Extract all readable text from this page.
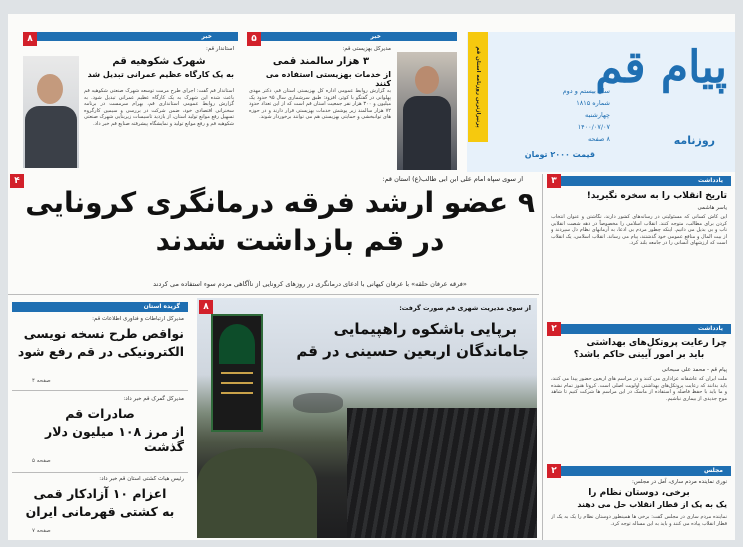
پیام قم
روزنامه
سال بیستم و دوم
شماره ۱۸۱۵
چهارشنبه
۱۴۰۰/۰۷/۰۷
۸ صفحه
قیمت ۲۰۰۰ تومان
پرتیراژترین روزنامه استان قم
خبر
۵
مدیرکل بهزیستی قم:
۳ هزار سالمند قمی
از خدمات بهزیستی استفاده می کنند
به گزارش روابط عمومی اداره کل بهزیستی استان قم، دکتر مهدی پهلوانی در گفتگو با کوثر، افزود: طبق سرشماری سال ۹۵ حدود یک میلیون و ۳۰۰ هزار نفر جمعیت استان قم است که از این تعداد حدود ۷۲ هزار سالمند زیر پوشش خدمات بهزیستی قرار دارند و در حوزه های توانبخشی و حمایتی بهزیستی هم می توانند برخوردار شوند.
خبر
۸
استاندار قم:
شهرک شکوهیه قم
به یک کارگاه عظیم عمرانی تبدیل شد
استاندار قم گفت: اجرای طرح مرمت توسعه شهرک صنعتی شکوهیه قم باعث شده این شهرک به یک کارگاه عظیم عمرانی تبدیل شود. به گزارش روابط عمومی استانداری قم، بهرام سرمست در برنامه سخنرانی اقتصادی خود، ضمن شرکت در بررسی و سیمین کارگروه تسهیل رفع موانع تولید استان، از بازدید تاسیسات زیربنایی شهرک صنعتی شکوهیه قم و رفع موانع تولید و نمایشگاه پیشرفته صنایع قم خبر داد.
۴	از سوی سپاه امام علی ابن ابی طالب(ع) استان قم:
۹ عضو ارشد فرقه درمانگری کرونایی
در قم بازداشت شدند
«فرقه عرفان حلقه» با عرفان کیهانی با ادعای درمانگری در روزهای کرونایی از ناآگاهی مردم سوء استفاده می کردند
۸	از سوی مدیریت شهری قم صورت گرفت:
برپایی باشکوه راهپیمایی
جاماندگان اربعین حسینی در قم
گزیده استان
مدیرکل ارتباطات و فناوری اطلاعات قم:
نواقص طرح نسخه نویسی
الکترونیکی در قم رفع شود
صفحه ۴
مدیرکل گمرک قم خبر داد:
صادرات قم
از مرز ۱۰۸ میلیون دلار گذشت
صفحه ۵
رئیس هیات کشتی استان قم خبر داد:
اعزام ۱۰ آزادکار قمی
به کشتی قهرمانی ایران
صفحه ۷
یادداشت
۳
تاریخ انقلاب را به سخره نگیرید!
یاسر هاشمی
این کاش کسانی که مسئولیتی در رسانه‌های کشور دارند، نگاشتن و عنوان انتخاب کردن برای مطالب، متوجه کنند. انقلاب اسلامی را مخصوصاً در دهه شصت انقلابی ناب و بی بدیل می دانیم. اینکه چطور مردم بی ادعا، به آرمانهای نظام دل سپردند و از بیت المال و منافع عمومی خود گذشتند، پیام می رساند. انقلاب اسلامی، یک انقلاب است که ارزشهای انسانی را در جامعه بلند کرد.
یادداشت
۲
چرا رعایت پروتکل‌های بهداشتی
باید بر امور آیینی حاکم باشد؟
پیام قم - محمد علی سبحانی
ملت ایران که عاشقانه عزاداری می کنند و در مراسم های اربعین حضور پیدا می کنند، باید بدانند که رعایت پروتکل‌های بهداشتی اولویت اصلی است. کرونا هنوز تمام نشده و ما باید با حفظ فاصله و استفاده از ماسک در این مراسم ها شرکت کنیم تا شاهد موج جدیدی از بیماری نباشیم.
مجلس
۲
نوری نماینده مردم ساری، آمل در مجلس:
برخی، دوستان نظام را
یک به یک از قطار انقلاب حل می دهند
نماینده مردم ساری در مجلس گفت: برخی ها همینطور دوستان نظام را یک به یک از قطار انقلاب پیاده می کنند و باید به این مساله توجه کرد.
